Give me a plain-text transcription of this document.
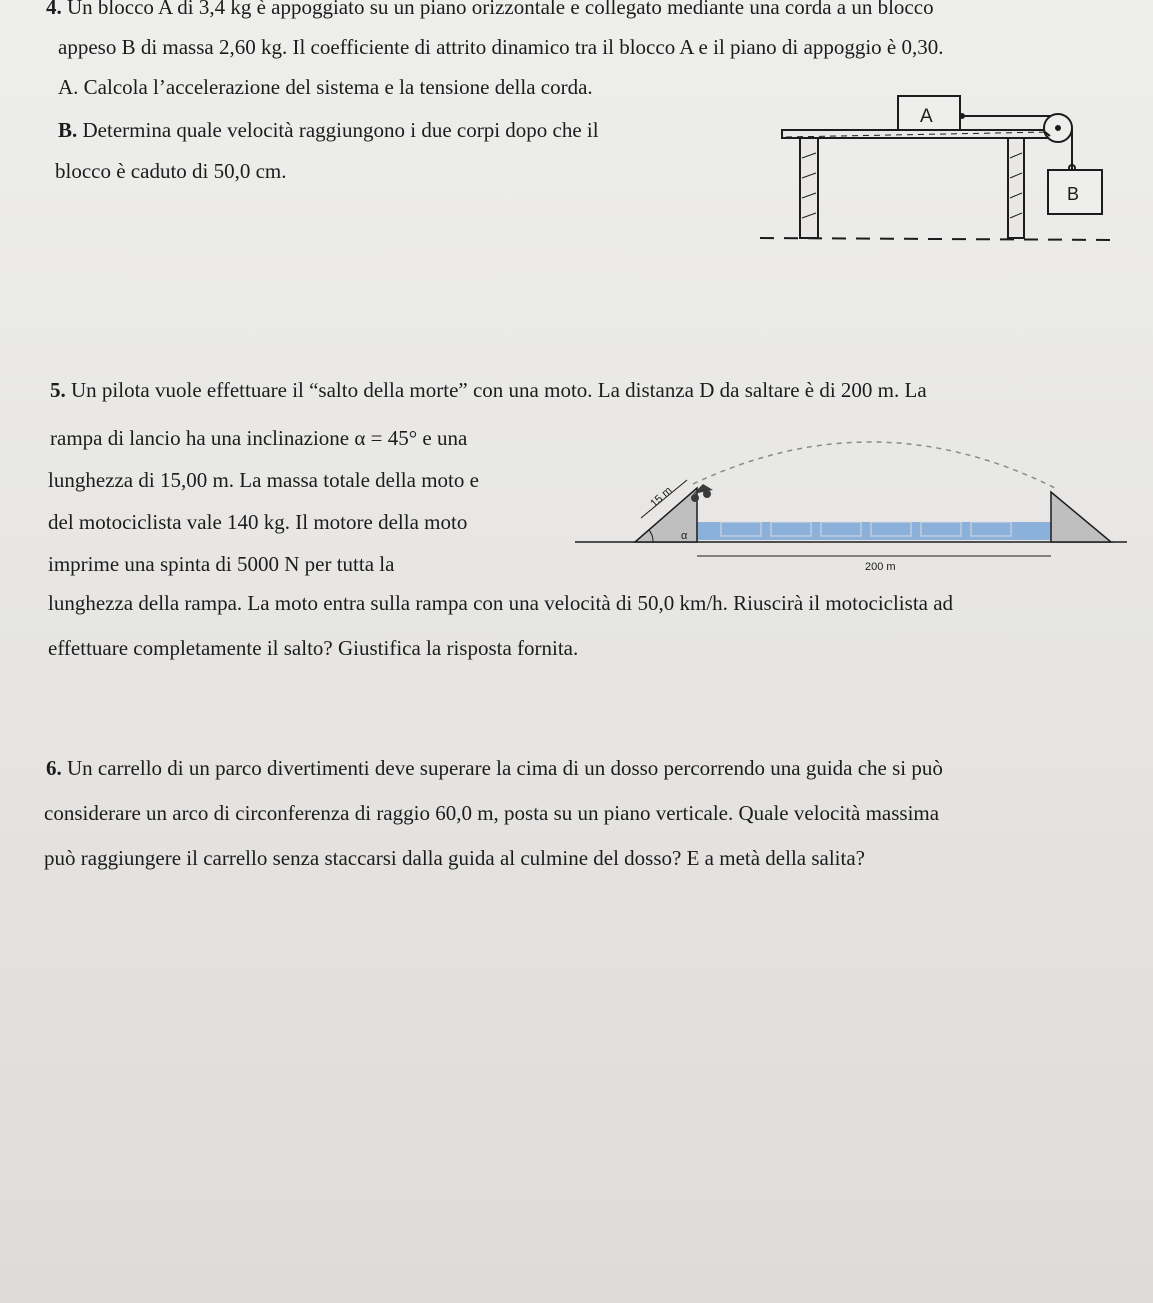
4. Un blocco A di 3,4 kg è appoggiato su un piano orizzontale e collegato mediante una corda a un blocco
appeso B di massa 2,60 kg. Il coefficiente di attrito dinamico tra il blocco A e il piano di appoggio è 0,30.
A. Calcola l’accelerazione del sistema e la tensione della corda.
B. Determina quale velocità raggiungono i due corpi dopo che il
blocco è caduto di 50,0 cm.
A
B
5. Un pilota vuole effettuare il “salto della morte” con una moto. La distanza D da saltare è di 200 m. La
rampa di lancio ha una inclinazione α = 45° e una
lunghezza di 15,00 m. La massa totale della moto e
del motociclista vale 140 kg. Il motore della moto
imprime una spinta di 5000 N per tutta la
lunghezza della rampa. La moto entra sulla rampa con una velocità di 50,0 km/h. Riuscirà il motociclista ad
effettuare completamente il salto? Giustifica la risposta fornita.
15 m
α
200 m
6. Un carrello di un parco divertimenti deve superare la cima di un dosso percorrendo una guida che si può
considerare un arco di circonferenza di raggio 60,0 m, posta su un piano verticale. Quale velocità massima
può raggiungere il carrello senza staccarsi dalla guida al culmine del dosso? E a metà della salita?
